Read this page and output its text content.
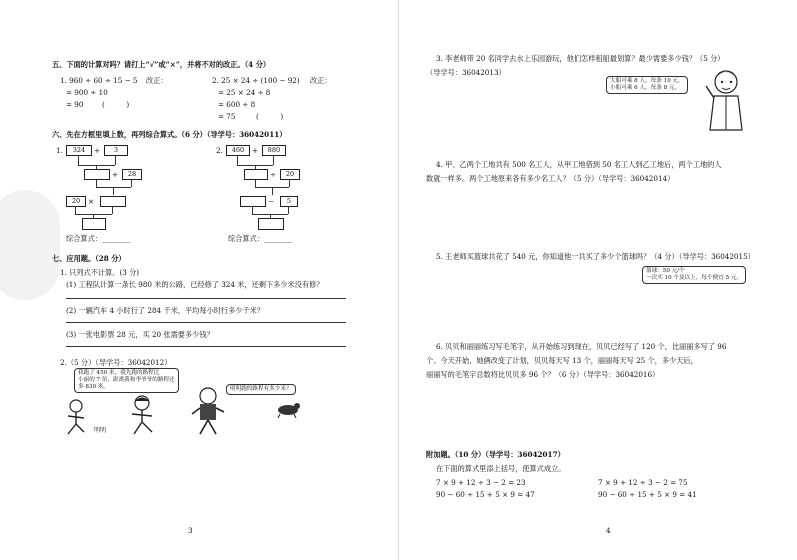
五、下面的计算对吗？请打上“√”或“×”，并将不对的改正。（4 分）
1. 960 ÷ 60 ÷ 15 − 5 改正：
= 900 ÷ 10
= 90	(　　　)
2. 25 × 24 ÷ (100 − 92) 改正：
= 25 × 24 ÷ 8
= 600 ÷ 8
= 75	(　　　)
六、先在方框里填上数，再列综合算式。（6 分）（导学号：36042011）
1.	324	+	3
+	28
20	×
综合算式：________
2.	460	+	880
÷	20
−	5
综合算式：________
七、应用题。（28 分）
1. 只列式不计算。(3 分)
(1) 工程队计算一条长 980 米的公路，已经修了 324 米，还剩下多少米没有修？
(2) 一辆汽车 4 小时行了 284 千米，平均每小时行多少千米？
(3) 一张电影票 28 元，买 20 张需要多少钱？
2.（5 分）（导学号：36042012）
我跑了 450 米，我先跑的路程比
小丽的 7 倍，距离我和李爷爷的路程还
多 830 米。	明明跑的路程有多少米？
明明
3
3. 李老师带 20 名同学去水上乐园游玩，他们怎样租船最划算？最少需要多少钱？（5 分）
（导学号：36042013）
大船可乘 8 人，每条 10 元。
小船可乘 6 人，每条 8 元。
4. 甲、乙两个工地共有 500 名工人，从甲工地借到 50 名工人到乙工地后，两个工地的人
数就一样多。两个工地原来各有多少名工人？（5 分）（导学号：36042014）
5. 王老师买篮球共花了 540 元，你知道他一共买了多少个篮球吗？（4 分）（导学号：36042015）
篮球：50 元/个
一次买 10 个及以上，每个便宜 5 元。
6. 贝贝和丽丽练习写毛笔字，从开始练习到现在，贝贝已经写了 120 个，比丽丽多写了 96
个。今天开始，她俩改变了计划，贝贝每天写 13 个，丽丽每天写 25 个，多少天后，
丽丽写的毛笔字总数将比贝贝多 96 个？（6 分）（导学号：36042016）
附加题。（10 分）（导学号：36042017）
在下面的算式里添上括号，使算式成立。
7 × 9 + 12 ÷ 3 − 2 = 23	7 × 9 + 12 ÷ 3 − 2 = 75
90 − 60 ÷ 15 + 5 × 9 = 47	90 − 60 ÷ 15 + 5 × 9 = 41
4
